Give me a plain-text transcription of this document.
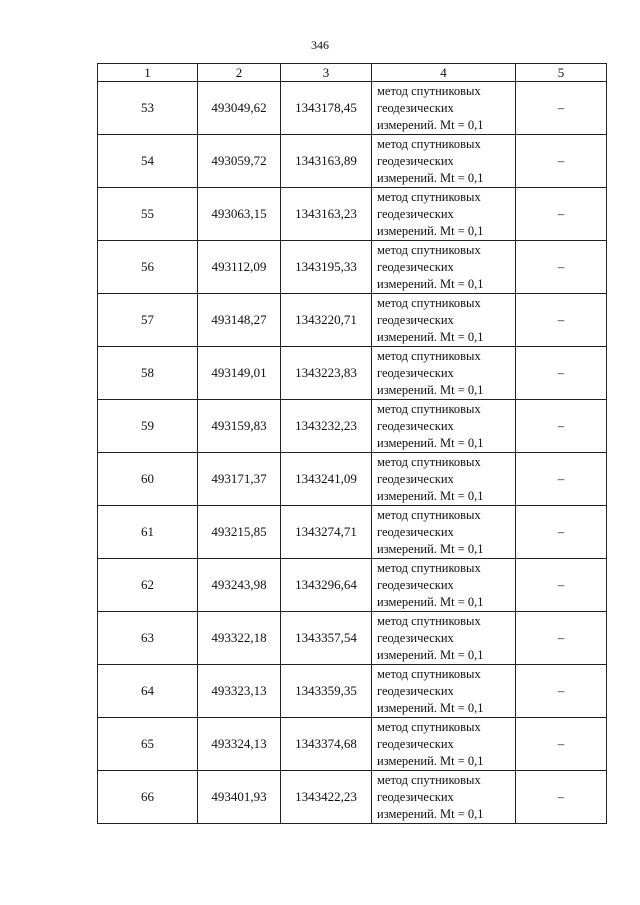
346
1	2	3	4	5
53	493049,62	1343178,45	метод спутниковых
геодезических
измерений. Mt = 0,1	–
54	493059,72	1343163,89	метод спутниковых
геодезических
измерений. Mt = 0,1	–
55	493063,15	1343163,23	метод спутниковых
геодезических
измерений. Mt = 0,1	–
56	493112,09	1343195,33	метод спутниковых
геодезических
измерений. Mt = 0,1	–
57	493148,27	1343220,71	метод спутниковых
геодезических
измерений. Mt = 0,1	–
58	493149,01	1343223,83	метод спутниковых
геодезических
измерений. Mt = 0,1	–
59	493159,83	1343232,23	метод спутниковых
геодезических
измерений. Mt = 0,1	–
60	493171,37	1343241,09	метод спутниковых
геодезических
измерений. Mt = 0,1	–
61	493215,85	1343274,71	метод спутниковых
геодезических
измерений. Mt = 0,1	–
62	493243,98	1343296,64	метод спутниковых
геодезических
измерений. Mt = 0,1	–
63	493322,18	1343357,54	метод спутниковых
геодезических
измерений. Mt = 0,1	–
64	493323,13	1343359,35	метод спутниковых
геодезических
измерений. Mt = 0,1	–
65	493324,13	1343374,68	метод спутниковых
геодезических
измерений. Mt = 0,1	–
66	493401,93	1343422,23	метод спутниковых
геодезических
измерений. Mt = 0,1	–
